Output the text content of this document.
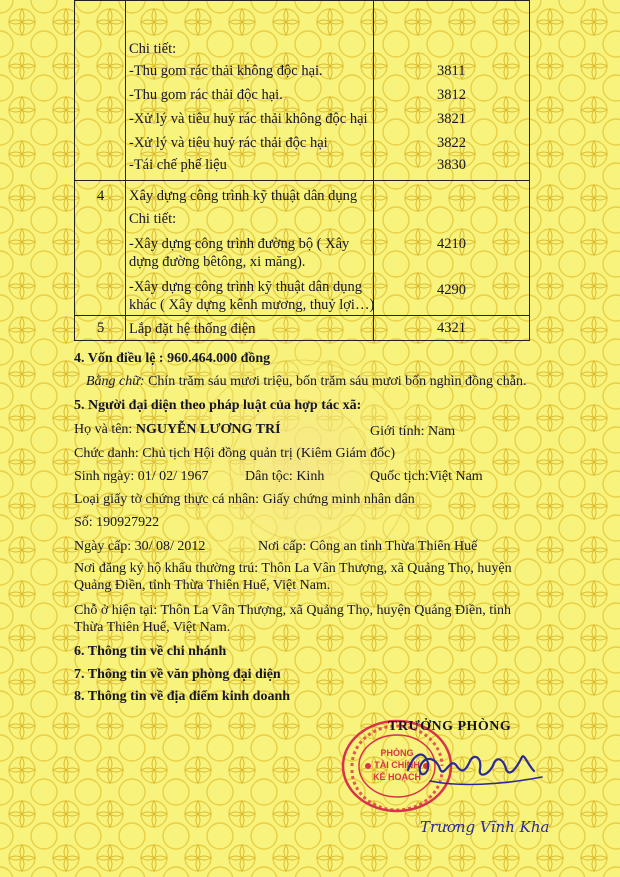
Chi tiết:
-Thu gom rác thải không độc hại.	3811
-Thu gom rác thải độc hại.	3812
-Xử lý và tiêu huỷ rác thải không độc hại	3821
-Xử lý và tiêu huỷ rác thải độc hại	3822
-Tái chế phế liệu	3830
4 Xây dựng công trình kỹ thuật dân dụng
Chi tiết:
-Xây dựng công trình đường bộ ( Xây	4210
dựng đường bêtông, xi măng).
-Xây dựng công trình kỹ thuật dân dụng	4290
khác ( Xây dựng kênh mương, thuỷ lợi…)
5 Lắp đặt hệ thống điện	4321
4. Vốn điều lệ : 960.464.000 đồng
Bằng chữ: Chín trăm sáu mươi triệu, bốn trăm sáu mươi bốn nghìn đồng chẵn.
5. Người đại diện theo pháp luật của hợp tác xã:
Họ và tên: NGUYỄN LƯƠNG TRÍ	Giới tính: Nam
Chức danh: Chủ tịch Hội đồng quản trị (Kiêm Giám đốc)
Sinh ngày: 01/ 02/ 1967	Dân tộc: Kinh	Quốc tịch:Việt Nam
Loại giấy tờ chứng thực cá nhân: Giấy chứng minh nhân dân
Số: 190927922
Ngày cấp: 30/ 08/ 2012	Nơi cấp: Công an tỉnh Thừa Thiên Huế
Nơi đăng ký hộ khẩu thường trú: Thôn La Vân Thượng, xã Quảng Thọ, huyện
Quảng Điền, tỉnh Thừa Thiên Huế, Việt Nam.
Chỗ ở hiện tại: Thôn La Vân Thượng, xã Quảng Thọ, huyện Quảng Điền, tỉnh
Thừa Thiên Huế, Việt Nam.
6. Thông tin về chi nhánh
7. Thông tin về văn phòng đại diện
8. Thông tin về địa điểm kinh doanh
PHÒNG
TÀI CHÍNH
KẾ HOẠCH
TRƯỞNG PHÒNG
Trương Vĩnh Kha
